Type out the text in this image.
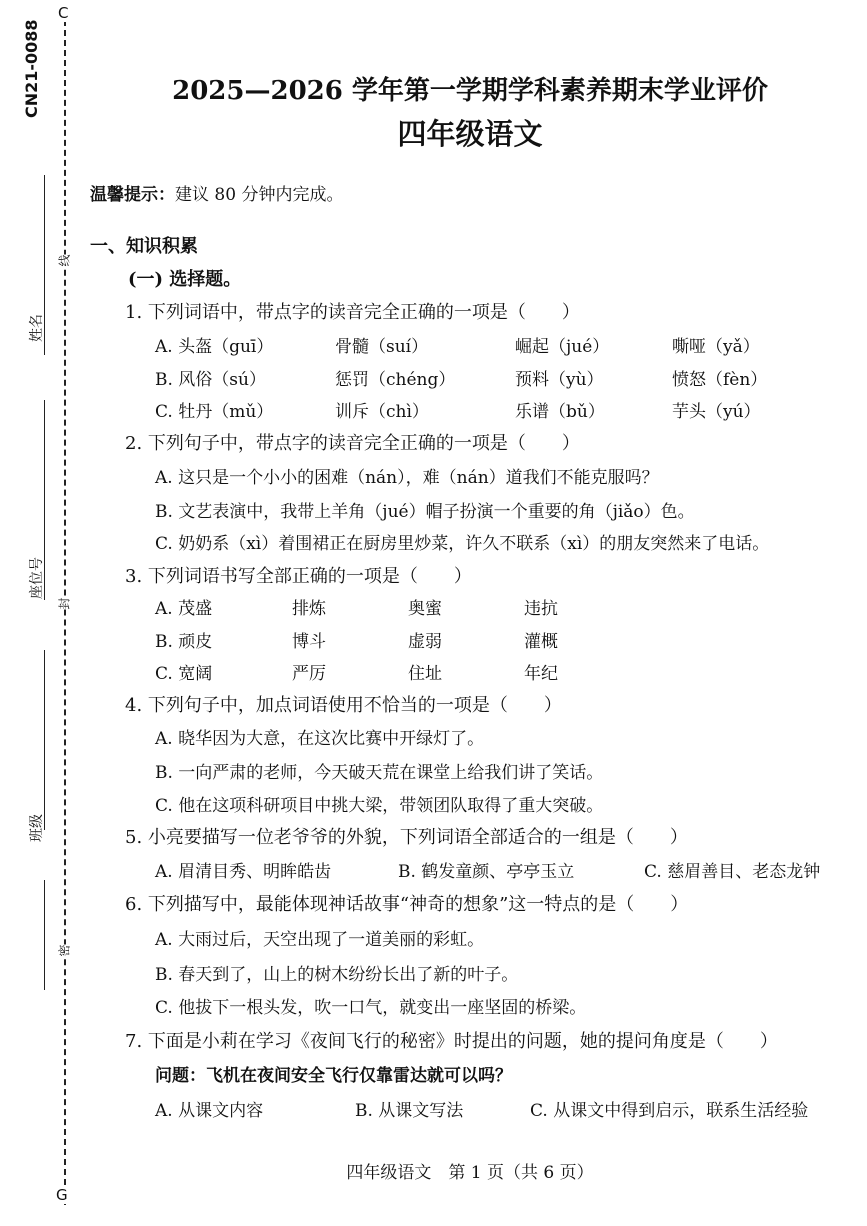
C
G
CN21-0088
姓名
座位号
班级
线
封
密
2025—2026 学年第一学期学科素养期末学业评价
四年级语文
温馨提示：建议 80 分钟内完成。
一、知识积累
(一) 选择题。
1. 下列词语中，带点字的读音完全正确的一项是（　　）
A. 头盔（guī）	骨髓（suí）	崛起（jué）	嘶哑（yǎ）
B. 风俗（sú）	惩罚（chéng）	预料（yù）	愤怒（fèn）
C. 牡丹（mǔ）	训斥（chì）	乐谱（bǔ）	芋头（yú）
2. 下列句子中，带点字的读音完全正确的一项是（　　）
A. 这只是一个小小的困难（nán），难（nán）道我们不能克服吗？
B. 文艺表演中，我带上羊角（jué）帽子扮演一个重要的角（jiǎo）色。
C. 奶奶系（xì）着围裙正在厨房里炒菜，许久不联系（xì）的朋友突然来了电话。
3. 下列词语书写全部正确的一项是（　　）
A. 茂盛	排炼	奥蜜	违抗
B. 顽皮	博斗	虚弱	灌概
C. 宽阔	严厉	住址	年纪
4. 下列句子中，加点词语使用不恰当的一项是（　　）
A. 晓华因为大意，在这次比赛中开绿灯了。
B. 一向严肃的老师，今天破天荒在课堂上给我们讲了笑话。
C. 他在这项科研项目中挑大梁，带领团队取得了重大突破。
5. 小亮要描写一位老爷爷的外貌，下列词语全部适合的一组是（　　）
A. 眉清目秀、明眸皓齿	B. 鹤发童颜、亭亭玉立	C. 慈眉善目、老态龙钟
6. 下列描写中，最能体现神话故事“神奇的想象”这一特点的是（　　）
A. 大雨过后，天空出现了一道美丽的彩虹。
B. 春天到了，山上的树木纷纷长出了新的叶子。
C. 他拔下一根头发，吹一口气，就变出一座坚固的桥梁。
7. 下面是小莉在学习《夜间飞行的秘密》时提出的问题，她的提问角度是（　　）
问题：飞机在夜间安全飞行仅靠雷达就可以吗？
A. 从课文内容	B. 从课文写法	C. 从课文中得到启示，联系生活经验
四年级语文　第 1 页（共 6 页）
